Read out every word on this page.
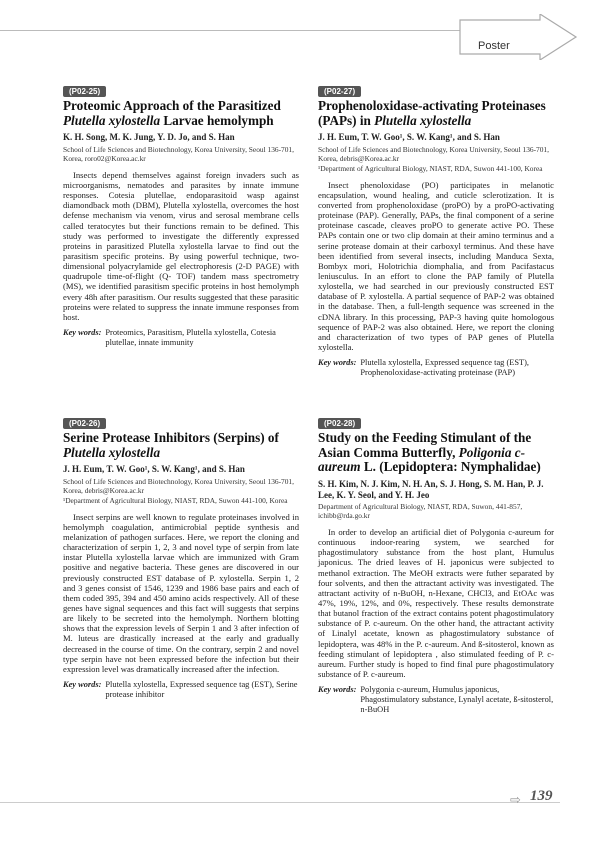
Poster
(P02-25)
Proteomic Approach of the Parasitized Plutella xylostella Larvae hemolymph
K. H. Song, M. K. Jung, Y. D. Jo, and S. Han
School of Life Sciences and Biotechnology, Korea University, Seoul 136-701, Korea, roro02@Korea.ac.kr
Insects depend themselves against foreign invaders such as microorganisms, nematodes and parasites by innate immune responses. Cotesia plutellae, endoparasitoid wasp against diamondback moth (DBM), Plutella xylostella, overcomes the host defense mechanism via venom, virus and serosal membrane cells called teratocytes but their functions remain to be defined. This study was performed to investigate the differently expressed proteins in parasitized Plutella xylostella larvae to find out the parasitism specific proteins. By using powerful technique, two-dimensional polyacrylamide gel electrophoresis (2-D PAGE) with quadrupole time-of-flight (Q- TOF) tandem mass spectrometry (MS), we identified parasitism specific proteins in host hemolymph every 48h after parasitism. Our results suggested that these parasitic proteins were related to suppress the innate immune responses from host.
Key words: Proteomics, Parasitism, Plutella xylostella, Cotesia plutellae, innate immunity
(P02-27)
Prophenoloxidase-activating Proteinases (PAPs) in Plutella xylostella
J. H. Eum, T. W. Goo¹, S. W. Kang¹, and S. Han
School of Life Sciences and Biotechnology, Korea University, Seoul 136-701, Korea, debris@Korea.ac.kr
¹Department of Agricultural Biology, NIAST, RDA, Suwon 441-100, Korea
Insect phenoloxidase (PO) participates in melanotic encapsulation, wound healing, and cuticle sclerotization. It is converted from prophenoloxidase (proPO) by a proPO-activating proteinase (PAP). Generally, PAPs, the final component of a serine proteinase cascade, cleaves proPO to generate active PO. These PAPs contain one or two clip domain at their amino terminus and a serine protease domain at their carboxyl terminus. And these have been identified from several insects, including Manduca Sexta, Bombyx mori, Holotrichia diomphalia, and from Pacifastacus leniusculus. In an effort to clone the PAP family of Plutella xylostella, we had searched in our previously constructed EST database of P. xylostella. A partial sequence of PAP-2 was obtained in the database. Then, a full-length sequence was screened in the cDNA library. In this processing, PAP-3 having quite homologous sequence of PAP-2 was also obtained. Here, we report the cloning and characterization of two types of PAP genes of Plutella xylostella.
Key words: Plutella xylostella, Expressed sequence tag (EST), Prophenoloxidase-activating proteinase (PAP)
(P02-26)
Serine Protease Inhibitors (Serpins) of Plutella xylostella
J. H. Eum, T. W. Goo¹, S. W. Kang¹, and S. Han
School of Life Sciences and Biotechnology, Korea University, Seoul 136-701, Korea, debris@Korea.ac.kr
¹Department of Agricultural Biology, NIAST, RDA, Suwon 441-100, Korea
Insect serpins are well known to regulate proteinases involved in hemolymph coagulation, antimicrobial peptide synthesis and melanization of pathogen surfaces. Here, we report the cloning and characterization of serpin 1, 2, 3 and novel type of serpin from late instar Plutella xylostella larvae which are immunized with Gram positive and negative bacteria. These genes are discovered in our previously constructed EST database of P. xylostella. Serpin 1, 2 and 3 genes consist of 1546, 1239 and 1986 base pairs and each of them coded 395, 394 and 450 amino acids respectively. All of these genes have signal sequences and this fact will suggests that serpins are likely to be secreted into the hemolymph. Northern blotting shows that the expression levels of Serpin 1 and 3 after infection of M. luteus are drastically increased at the early and gradually decreased in the course of time. On the contrary, serpin 2 and novel type serpin have not been expressed before the infection but their expression level was dramatically increased after the infection.
Key words: Plutella xylostella, Expressed sequence tag (EST), Serine protease inhibitor
(P02-28)
Study on the Feeding Stimulant of the Asian Comma Butterfly, Poligonia c-aureum L. (Lepidoptera: Nymphalidae)
S. H. Kim, N. J. Kim, N. H. An, S. J. Hong, S. M. Han, P. J. Lee, K. Y. Seol, and Y. H. Jeo
Department of Agricultural Biology, NIAST, RDA, Suwon, 441-857, ichibb@rda.go.kr
In order to develop an artificial diet of Polygonia c-aureum for continuous indoor-rearing system, we searched for phagostimulatory substance from the host plant, Humulus japonicus. The dried leaves of H. japonicus were subjected to methanol extraction. The MeOH extracts were futher separated by four solvents, and then the attractant activity was investigated. The attractant activity of n-BuOH, n-Hexane, CHCl3, and EtOAc was 47%, 19%, 12%, and 0%, respectively. These results demonstrate that butanol fraction of the extract contains potent phagostimulatory substance of P. c-aureum. On the other hand, the attractant activity of Linalyl acetate, known as phagostimulatory substance of lepidoptera, was 48% in the P. c-aureum. And ß-sitosterol, known as feeding stimulant of lepidoptera , also stimulated feeding of P. c-aureum. Further study is hoped to find final pure phagostimulatory substance of P. c-aureum.
Key words: Polygonia c-aureum, Humulus japonicus, Phagostimulatory substance, Lynalyl acetate, ß-sitosterol, n-BuOH
⇨ 139
